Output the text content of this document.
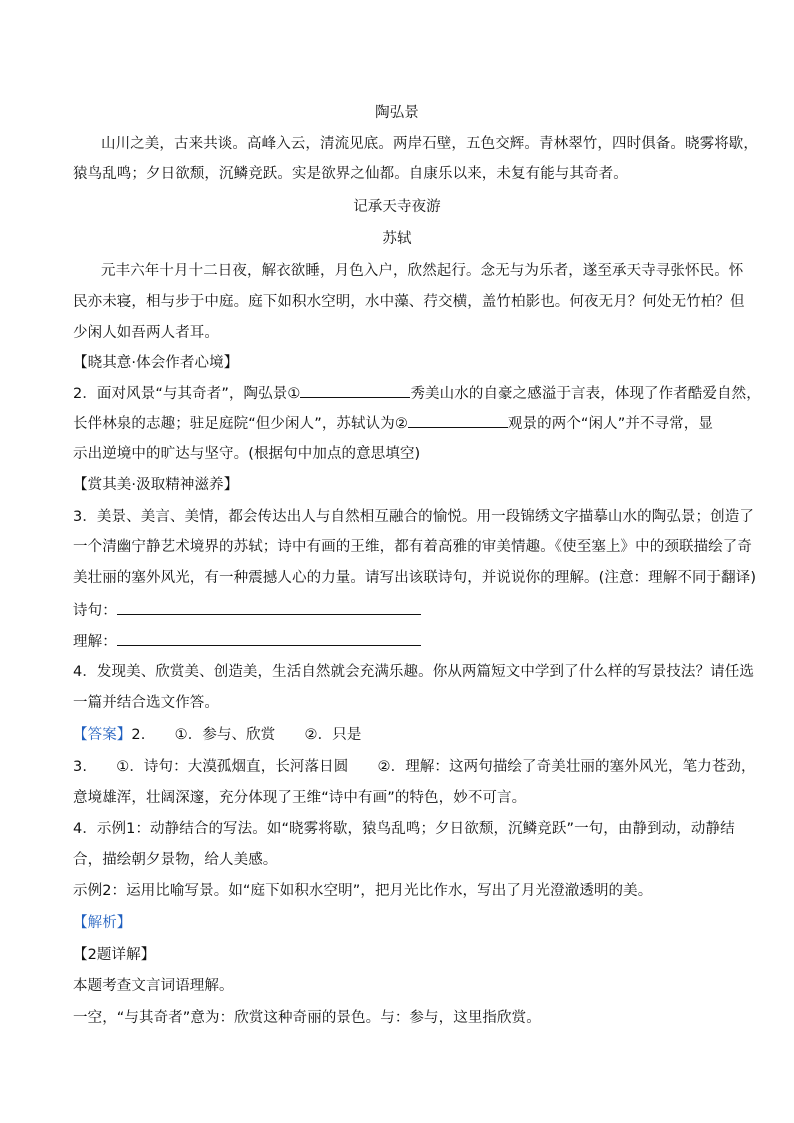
陶弘景
山川之美，古来共谈。高峰入云，清流见底。两岸石壁，五色交辉。青林翠竹，四时俱备。晓雾将歇，
猿鸟乱鸣；夕日欲颓，沉鳞竞跃。实是欲界之仙都。自康乐以来，未复有能与其奇者。
记承天寺夜游
苏轼
元丰六年十月十二日夜，解衣欲睡，月色入户，欣然起行。念无与为乐者，遂至承天寺寻张怀民。怀
民亦未寝，相与步于中庭。庭下如积水空明，水中藻、荇交横，盖竹柏影也。何夜无月？何处无竹柏？但
少闲人如吾两人者耳。
【晓其意·体会作者心境】
2．面对风景“与其奇者”，陶弘景①	秀美山水的自豪之感溢于言表，体现了作者酷爱自然，
长伴林泉的志趣；驻足庭院“但少闲人”，苏轼认为②	观景的两个“闲人”并不寻常，显
示出逆境中的旷达与坚守。(根据句中加点的意思填空)
【赏其美·汲取精神滋养】
3．美景、美言、美情，都会传达出人与自然相互融合的愉悦。用一段锦绣文字描摹山水的陶弘景；创造了
一个清幽宁静艺术境界的苏轼；诗中有画的王维，都有着高雅的审美情趣。《使至塞上》中的颈联描绘了奇
美壮丽的塞外风光，有一种震撼人心的力量。请写出该联诗句，并说说你的理解。(注意：理解不同于翻译)
诗句：
理解：
4．发现美、欣赏美、创造美，生活自然就会充满乐趣。你从两篇短文中学到了什么样的写景技法？请任选
一篇并结合选文作答。
【答案】2.　　①．参与、欣赏　　②．只是
3.　　①．诗句：大漠孤烟直，长河落日圆　　②．理解：这两句描绘了奇美壮丽的塞外风光，笔力苍劲，
意境雄浑，壮阔深邃，充分体现了王维“诗中有画”的特色，妙不可言。
4．示例1：动静结合的写法。如“晓雾将歇，猿鸟乱鸣；夕日欲颓，沉鳞竞跃”一句，由静到动，动静结
合，描绘朝夕景物，给人美感。
示例2：运用比喻写景。如“庭下如积水空明”，把月光比作水，写出了月光澄澈透明的美。
【解析】
【2题详解】
本题考查文言词语理解。
一空，“与其奇者”意为：欣赏这种奇丽的景色。与：参与，这里指欣赏。
